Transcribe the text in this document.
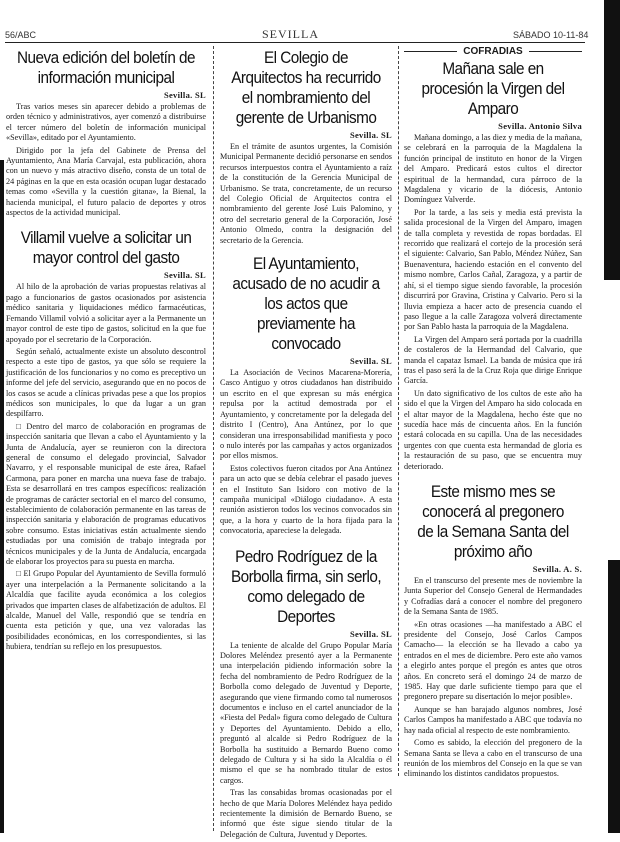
56/ABC	SEVILLA	SÁBADO 10-11-84
Nueva edición del boletín de información municipal
Sevilla. SL

Tras varios meses sin aparecer debido a problemas de orden técnico y administrativos, ayer comenzó a distribuirse el tercer número del boletín de información municipal «Sevilla», editado por el Ayuntamiento.

Dirigido por la jefa del Gabinete de Prensa del Ayuntamiento, Ana María Carvajal, esta publicación, ahora con un nuevo y más atractivo diseño, consta de un total de 24 páginas en la que en esta ocasión ocupan lugar destacado temas como «Sevilla y la cuestión gitana», la Bienal, la hacienda municipal, el futuro palacio de deportes y otros aspectos de la actividad municipal.

Villamil vuelve a solicitar un mayor control del gasto
Sevilla. SL

Al hilo de la aprobación de varias propuestas relativas al pago a funcionarios de gastos ocasionados por asistencia médico sanitaria y liquidaciones médico farmacéuticas, Fernando Villamil volvió a solicitar ayer a la Permanente un mayor control de este tipo de gastos, solicitud en la que fue apoyado por el secretario de la Corporación.

Según señaló, actualmente existe un absoluto descontrol respecto a este tipo de gastos, ya que sólo se requiere la justificación de los funcionarios y no como es preceptivo un informe del jefe del servicio, asegurando que en no pocos de los casos se acude a clínicas privadas pese a que los propios médicos son municipales, lo que da lugar a un gran despilfarro.

□ Dentro del marco de colaboración en programas de inspección sanitaria que llevan a cabo el Ayuntamiento y la Junta de Andalucía, ayer se reunieron con la directora general de consumo el delegado provincial, Salvador Navarro, y el responsable municipal de este área, Rafael Carmona, para poner en marcha una nueva fase de trabajo. Esta se desarrollará en tres campos específicos: realización de programas de carácter sectorial en el marco del consumo, establecimiento de colaboración permanente en las tareas de inspección sanitaria y elaboración de programas educativos sobre consumo. Estas iniciativas están actualmente siendo estudiadas por una comisión de trabajo integrada por técnicos municipales y de la Junta de Andalucía, encargada de elaborar los proyectos para su puesta en marcha.

□ El Grupo Popular del Ayuntamiento de Sevilla formuló ayer una interpelación a la Permanente solicitando a la Alcaldía que facilite ayuda económica a los colegios privados que imparten clases de alfabetización de adultos. El alcalde, Manuel del Valle, respondió que se tendría en cuenta esta petición y que, una vez valoradas las posibilidades económicas, en los correspondientes, si las hubiera, tendrían su reflejo en los presupuestos.

El Colegio de Arquitectos ha recurrido el nombramiento del gerente de Urbanismo
Sevilla. SL

En el trámite de asuntos urgentes, la Comisión Municipal Permanente decidió personarse en sendos recursos interpuestos contra el Ayuntamiento a raíz de la constitución de la Gerencia Municipal de Urbanismo. Se trata, concretamente, de un recurso del Colegio Oficial de Arquitectos contra el nombramiento del gerente José Luis Palomino, y otro del secretario general de la Corporación, José Antonio Olmedo, contra la designación del secretario de la Gerencia.

El Ayuntamiento, acusado de no acudir a los actos que previamente ha convocado
Sevilla. SL

La Asociación de Vecinos Macarena-Morería, Casco Antiguo y otros ciudadanos han distribuido un escrito en el que expresan su más enérgica repulsa por la actitud demostrada por el Ayuntamiento, y concretamente por la delegada del distrito I (Centro), Ana Antúnez, por lo que consideran una irresponsabilidad manifiesta y poco o nulo interés por las campañas y actos organizados por ellos mismos.

Estos colectivos fueron citados por Ana Antúnez para un acto que se debía celebrar el pasado jueves en el Instituto San Isidoro con motivo de la campaña municipal «Diálogo ciudadano». A esta reunión asistieron todos los vecinos convocados sin que, a la hora y cuarto de la hora fijada para la convocatoria, apareciese la delegada.

Pedro Rodríguez de la Borbolla firma, sin serlo, como delegado de Deportes
Sevilla. SL

La teniente de alcalde del Grupo Popular María Dolores Meléndez presentó ayer a la Permanente una interpelación pidiendo información sobre la fecha del nombramiento de Pedro Rodríguez de la Borbolla como delegado de Juventud y Deporte, asegurando que viene firmando como tal numerosos documentos e incluso en el cartel anunciador de la «Fiesta del Pedal» figura como delegado de Cultura y Deportes del Ayuntamiento. Debido a ello, preguntó al alcalde si Pedro Rodríguez de la Borbolla ha sustituido a Bernardo Bueno como delegado de Cultura y si ha sido la Alcaldía o él mismo el que se ha nombrado titular de estos cargos.

Tras las consabidas bromas ocasionadas por el hecho de que María Dolores Meléndez haya pedido recientemente la dimisión de Bernardo Bueno, se informó que éste sigue siendo titular de la Delegación de Cultura, Juventud y Deportes.

COFRADIAS
Mañana sale en procesión la Virgen del Amparo
Sevilla. Antonio Silva

Mañana domingo, a las diez y media de la mañana, se celebrará en la parroquia de la Magdalena la función principal de instituto en honor de la Virgen del Amparo. Predicará estos cultos el director espiritual de la hermandad, cura párroco de la Magdalena y vicario de la diócesis, Antonio Domínguez Valverde.

Por la tarde, a las seis y media está prevista la salida procesional de la Virgen del Amparo, imagen de talla completa y revestida de ropas bordadas. El recorrido que realizará el cortejo de la procesión será el siguiente: Calvario, San Pablo, Méndez Núñez, San Buenaventura, haciendo estación en el convento del mismo nombre, Carlos Cañal, Zaragoza, y a partir de ahí, si el tiempo sigue siendo favorable, la procesión discurrirá por Gravina, Cristina y Calvario. Pero si la lluvia empieza a hacer acto de presencia cuando el paso llegue a la calle Zaragoza volverá directamente por San Pablo hasta la parroquia de la Magdalena.

La Virgen del Amparo será portada por la cuadrilla de costaleros de la Hermandad del Calvario, que manda el capataz Ismael. La banda de música que irá tras el paso será la de la Cruz Roja que dirige Enrique García.

Un dato significativo de los cultos de este año ha sido el que la Virgen del Amparo ha sido colocada en el altar mayor de la Magdalena, hecho éste que no sucedía hace más de cincuenta años. En la función estará colocada en su capilla. Una de las necesidades urgentes con que cuenta esta hermandad de gloria es la restauración de su paso, que se encuentra muy deteriorado.

Este mismo mes se conocerá al pregonero de la Semana Santa del próximo año
Sevilla. A. S.

En el transcurso del presente mes de noviembre la Junta Superior del Consejo General de Hermandades y Cofradías dará a conocer el nombre del pregonero de la Semana Santa de 1985.

«En otras ocasiones —ha manifestado a ABC el presidente del Consejo, José Carlos Campos Camacho— la elección se ha llevado a cabo ya entrados en el mes de diciembre. Pero este año vamos a elegirlo antes porque el pregón es antes que otros años. En concreto será el domingo 24 de marzo de 1985. Hay que darle suficiente tiempo para que el pregonero prepare su disertación lo mejor posible».

Aunque se han barajado algunos nombres, José Carlos Campos ha manifestado a ABC que todavía no hay nada oficial al respecto de este nombramiento.

Como es sabido, la elección del pregonero de la Semana Santa se lleva a cabo en el transcurso de una reunión de los miembros del Consejo en la que se van eliminando los distintos candidatos propuestos.
